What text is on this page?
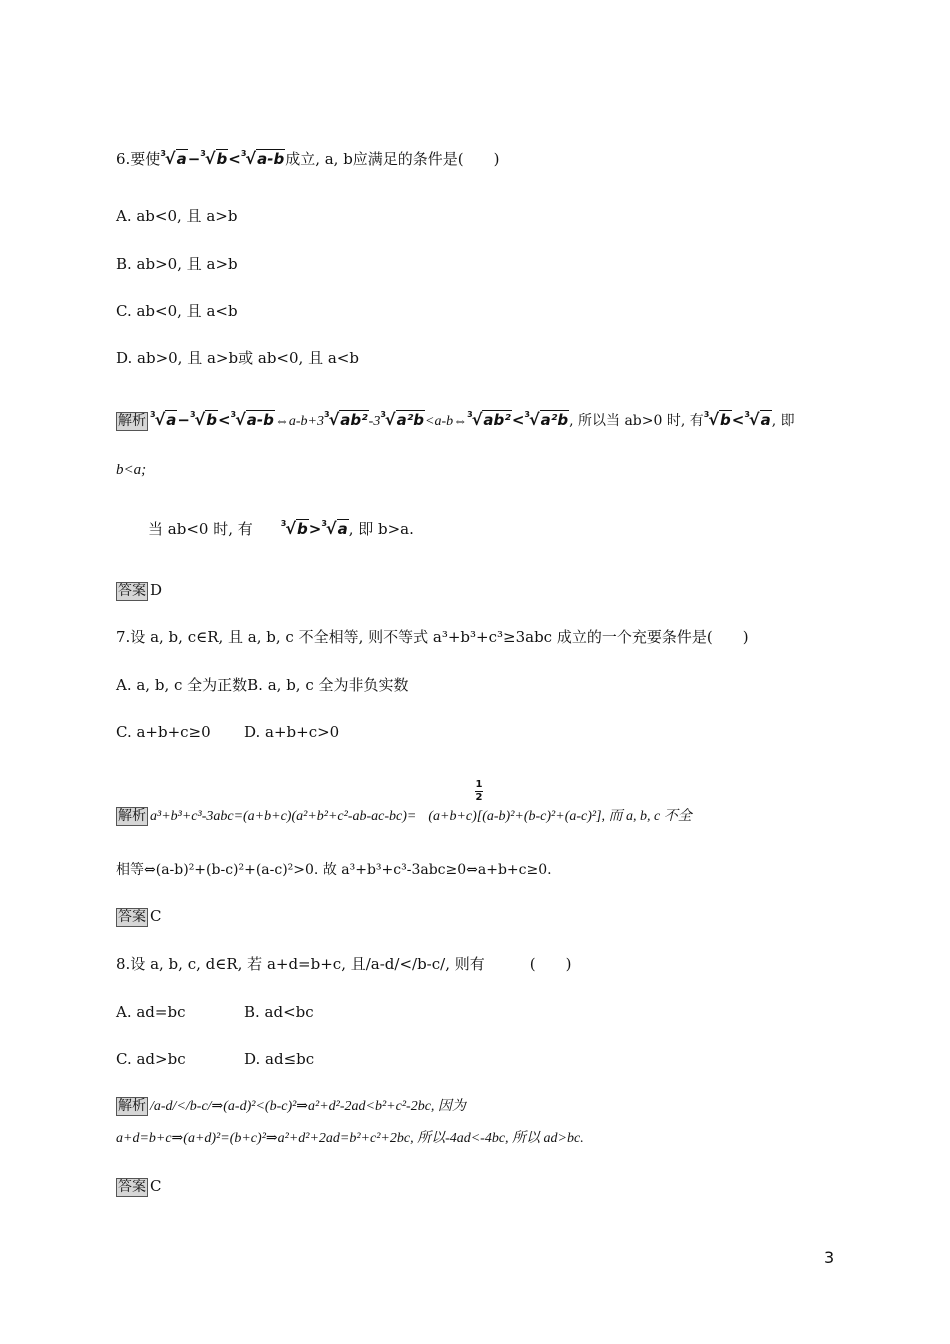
6.要使$^3$√a−$^3$√b<$^3$√a-b成立, a, b应满足的条件是(　　)
A. ab<0, 且 a>b
B. ab>0, 且 a>b
C. ab<0, 且 a<b
D. ab>0, 且 a>b或 ab<0, 且 a<b
解析 $^3√a-^3√b<^3√a-b\Leftrightarrow a-b+3^3√ab^2-3^3√a^2b<a-b\Leftrightarrow^3√ab^2<^3√a^2b$, 所以当 ab>0 时, 有$^3$√b<$^3$√a, 即
b<a;
当 ab<0 时, 有	$^3$√b>$^3$√a, 即 b>a.
答案 D
7.设 a, b, c∈R, 且 a, b, c 不全相等, 则不等式 a³+b³+c³≥3abc 成立的一个充要条件是(　　)
A. a, b, c 全为正数B. a, b, c 全为非负实数
C. a+b+c≥0 D. a+b+c>0
1
2
解析 a³+b³+c³-3abc=(a+b+c)(a²+b²+c²-ab-ac-bc)= (a+b+c)[(a-b)²+(b-c)²+(a-c)²], 而 a, b, c 不全
相等⇔(a-b)²+(b-c)²+(a-c)²>0. 故 a³+b³+c³-3abc≥0⇔a+b+c≥0.
答案 C
8.设 a, b, c, d∈R, 若 a+d=b+c, 且/a-d/</b-c/, 则有　　　(　　)
A. ad=bc	B. ad<bc
C. ad>bc	D. ad≤bc
解析 /a-d/</b-c/⇒(a-d)²<(b-c)²⇒a²+d²-2ad<b²+c²-2bc, 因为
a+d=b+c⇒(a+d)²=(b+c)²⇒a²+d²+2ad=b²+c²+2bc, 所以-4ad<-4bc, 所以 ad>bc.
答案 C
3
